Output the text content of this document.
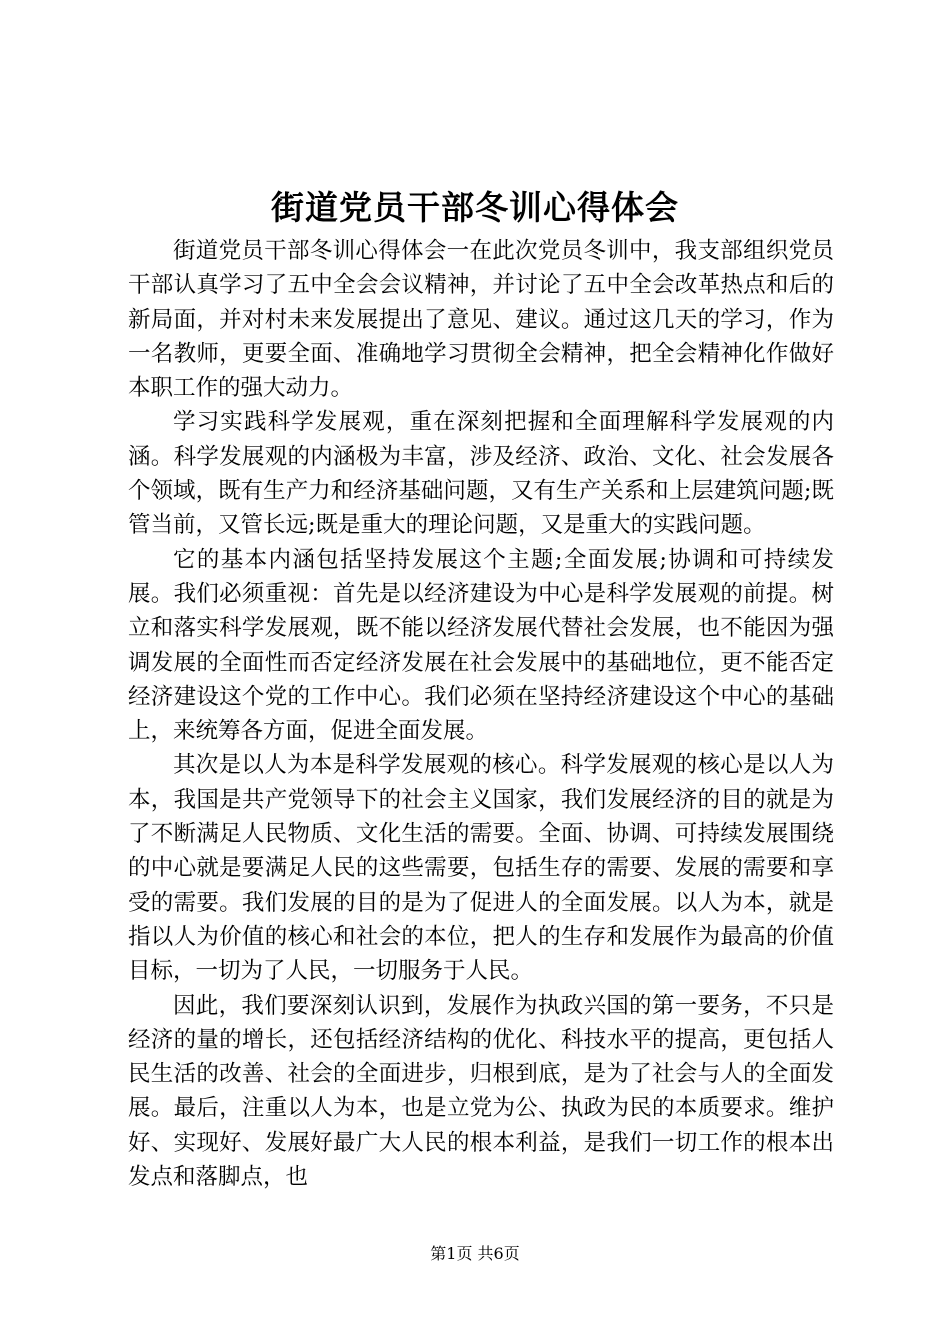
街道党员干部冬训心得体会

街道党员干部冬训心得体会一在此次党员冬训中，我支部组织党员干部认真学习了五中全会会议精神，并讨论了五中全会改革热点和后的新局面，并对村未来发展提出了意见、建议。通过这几天的学习，作为一名教师，更要全面、准确地学习贯彻全会精神，把全会精神化作做好本职工作的强大动力。

学习实践科学发展观，重在深刻把握和全面理解科学发展观的内涵。科学发展观的内涵极为丰富，涉及经济、政治、文化、社会发展各个领域，既有生产力和经济基础问题，又有生产关系和上层建筑问题;既管当前，又管长远;既是重大的理论问题，又是重大的实践问题。

它的基本内涵包括坚持发展这个主题;全面发展;协调和可持续发展。我们必须重视：首先是以经济建设为中心是科学发展观的前提。树立和落实科学发展观，既不能以经济发展代替社会发展，也不能因为强调发展的全面性而否定经济发展在社会发展中的基础地位，更不能否定经济建设这个党的工作中心。我们必须在坚持经济建设这个中心的基础上，来统筹各方面，促进全面发展。

其次是以人为本是科学发展观的核心。科学发展观的核心是以人为本，我国是共产党领导下的社会主义国家，我们发展经济的目的就是为了不断满足人民物质、文化生活的需要。全面、协调、可持续发展围绕的中心就是要满足人民的这些需要，包括生存的需要、发展的需要和享受的需要。我们发展的目的是为了促进人的全面发展。以人为本，就是指以人为价值的核心和社会的本位，把人的生存和发展作为最高的价值目标，一切为了人民，一切服务于人民。

因此，我们要深刻认识到，发展作为执政兴国的第一要务，不只是经济的量的增长，还包括经济结构的优化、科技水平的提高，更包括人民生活的改善、社会的全面进步，归根到底，是为了社会与人的全面发展。最后，注重以人为本，也是立党为公、执政为民的本质要求。维护好、实现好、发展好最广大人民的根本利益，是我们一切工作的根本出发点和落脚点，也

第1页 共6页
